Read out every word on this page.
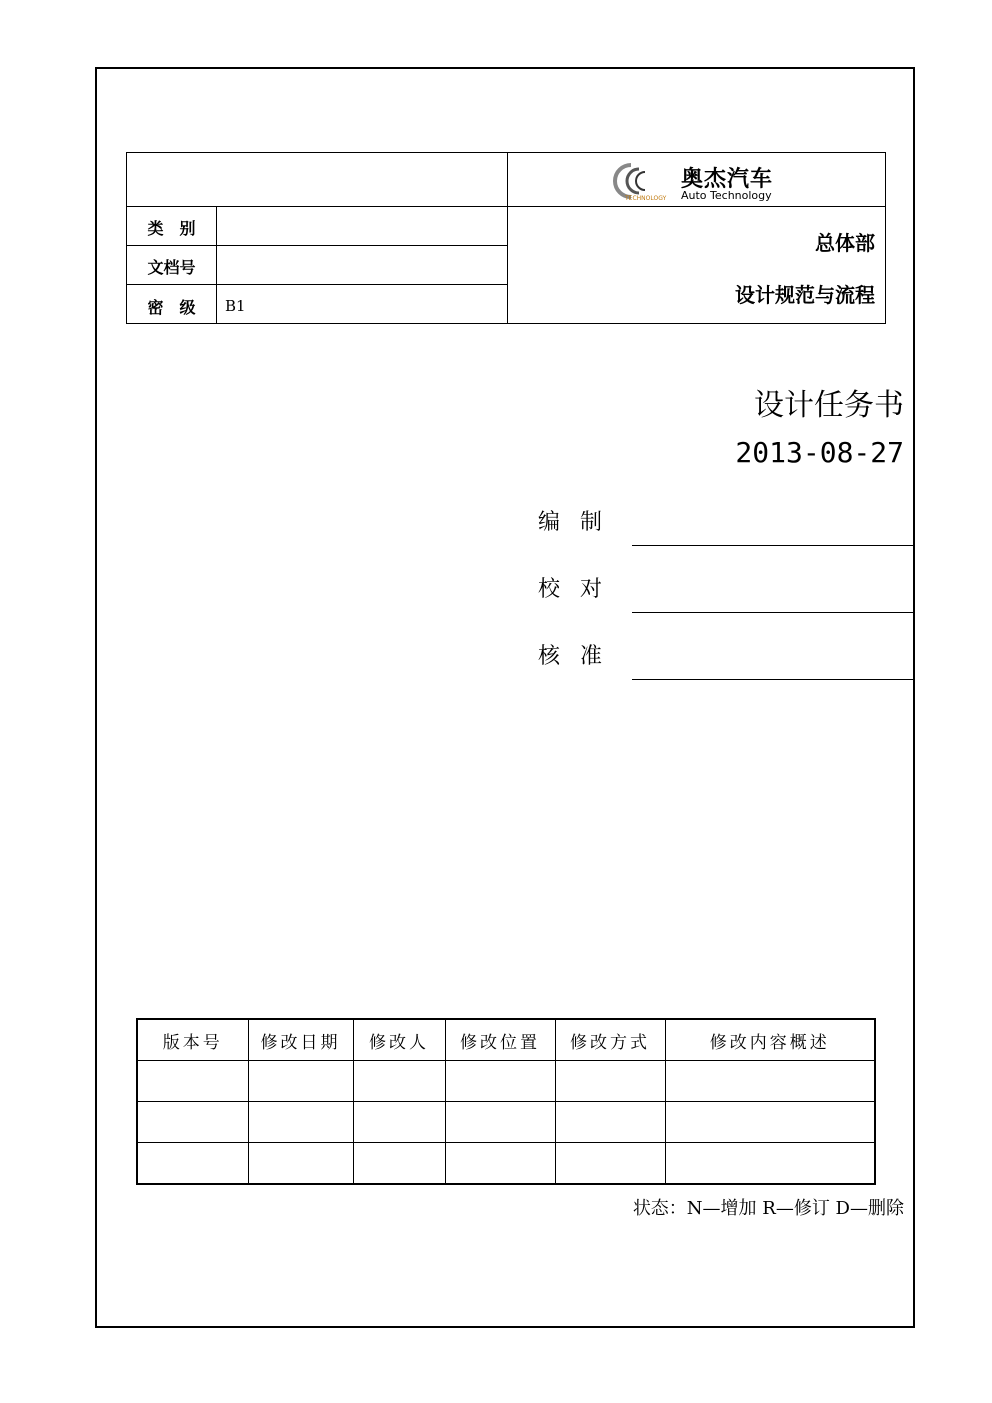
TECHNOLOGY
奥杰汽车
Auto Technology
类　别
文档号
密　级	B1
总体部
设计规范与流程
设计任务书
2013-08-27
编制
校对
核准
版本号	修改日期	修改人	修改位置	修改方式	修改内容概述

状态：N—增加 R—修订 D—删除
